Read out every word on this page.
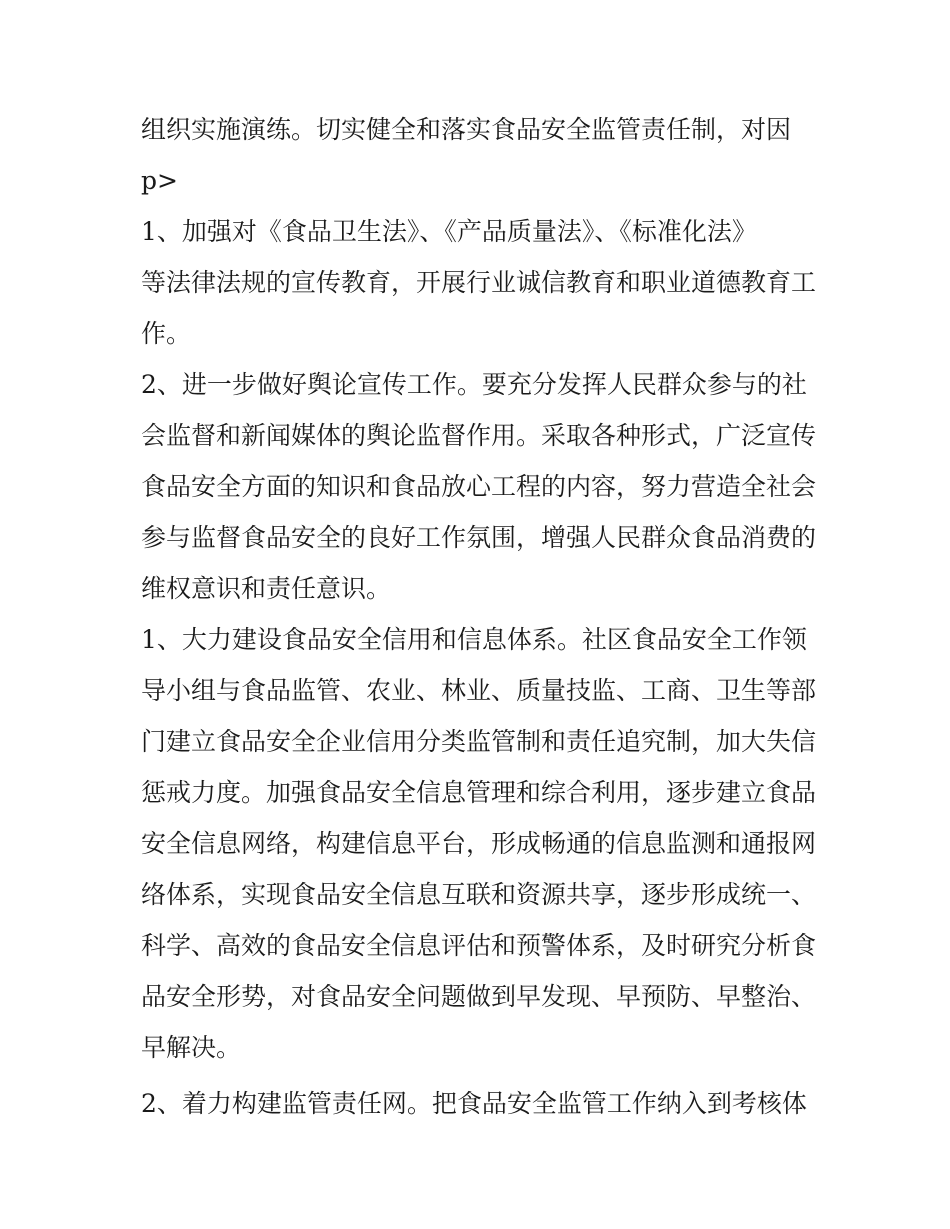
组织实施演练。切实健全和落实食品安全监管责任制，对因
p>
1、加强对《食品卫生法》、《产品质量法》、《标准化法》
等法律法规的宣传教育，开展行业诚信教育和职业道德教育工
作。
2、进一步做好舆论宣传工作。要充分发挥人民群众参与的社
会监督和新闻媒体的舆论监督作用。采取各种形式，广泛宣传
食品安全方面的知识和食品放心工程的内容，努力营造全社会
参与监督食品安全的良好工作氛围，增强人民群众食品消费的
维权意识和责任意识。
1、大力建设食品安全信用和信息体系。社区食品安全工作领
导小组与食品监管、农业、林业、质量技监、工商、卫生等部
门建立食品安全企业信用分类监管制和责任追究制，加大失信
惩戒力度。加强食品安全信息管理和综合利用，逐步建立食品
安全信息网络，构建信息平台，形成畅通的信息监测和通报网
络体系，实现食品安全信息互联和资源共享，逐步形成统一、
科学、高效的食品安全信息评估和预警体系，及时研究分析食
品安全形势，对食品安全问题做到早发现、早预防、早整治、
早解决。
2、着力构建监管责任网。把食品安全监管工作纳入到考核体
